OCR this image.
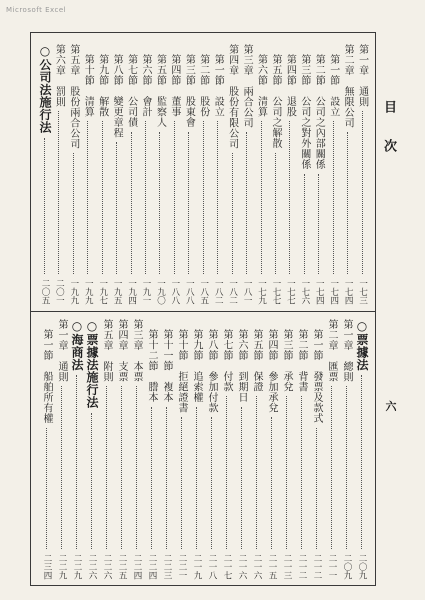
Microsoft Excel
目次
六
第一章　通則
一七三
第二章　無限公司
一七四
第一節　設立
一七四
第二節　公司之內部關係
一七四
第三節　公司之對外關係
一七六
第四節　退股
一七七
第五節　公司之解散
一七七
第六節　清算
一七九
第三章　兩合公司
一八一
第四章　股份有限公司
一八二
第一節　設立
一八二
第二節　股份
一八五
第三節　股東會
一八八
第四節　董事
一八八
第五節　監察人
一九〇
第六節　會計
一九一
第七節　公司債
一九四
第八節　變更章程
一九五
第九節　解散
一九七
第十節　清算
一九九
第五章　股份兩合公司
一九九
第六章　罰則
二〇一
○公司法施行法
二〇五
○票據法
二〇九
第一章　總則
二〇九
第二章　匯票
二一一
第一節　發票及款式
二一二
第二節　背書
二一二
第三節　承兌
二一三
第四節　參加承兌
二一五
第五節　保證
二一六
第六節　到期日
二一六
第七節　付款
二一七
第八節　參加付款
二一八
第九節　追索權
二一九
第十節　拒絕證書
二二一
第十一節　複本
二二三
第十二節　謄本
二二四
第三章　本票
二二四
第四章　支票
二二五
第五章　附則
二二六
○票據法施行法
二二六
○海商法
二二九
第一章　通則
二二九
第一節　船舶所有權
二三四
